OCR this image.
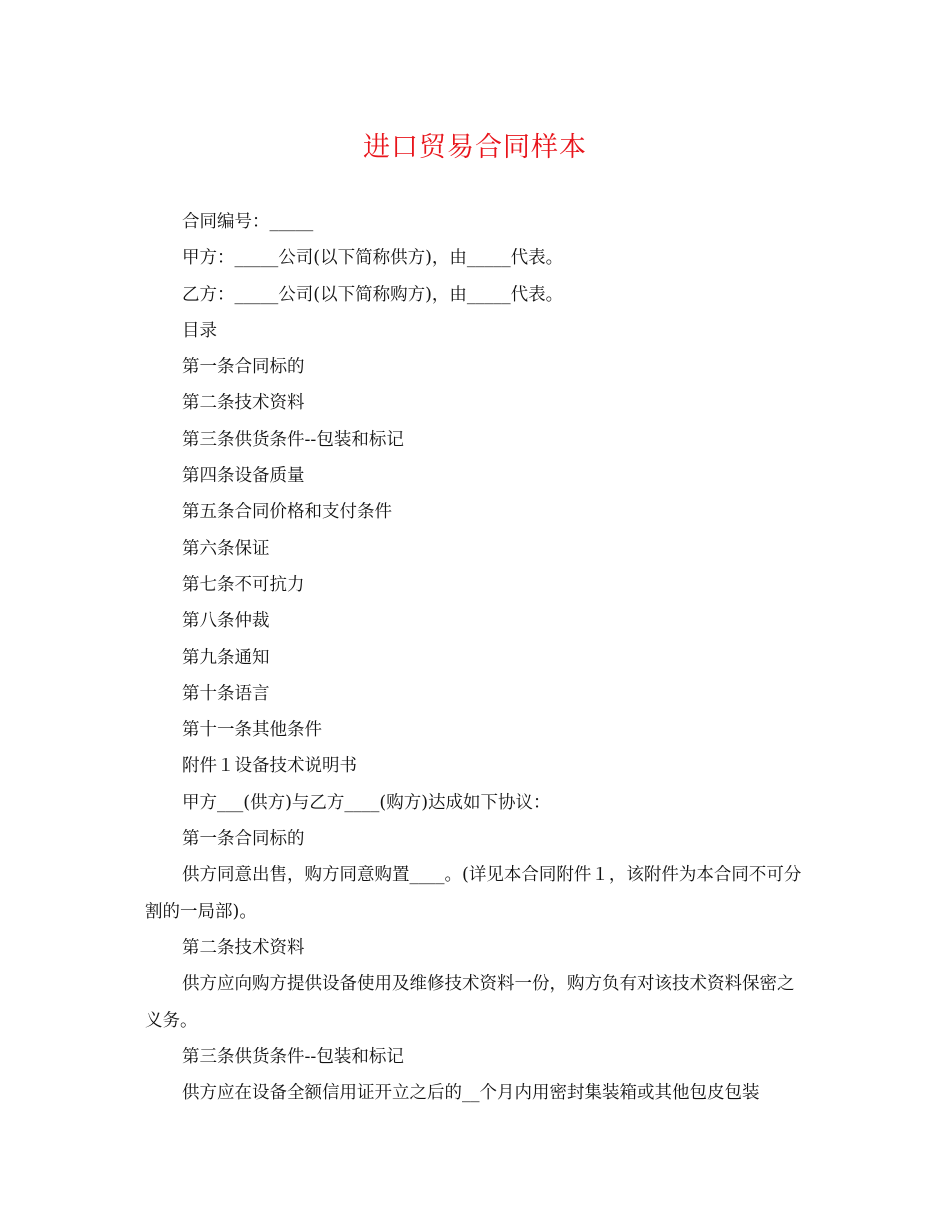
进口贸易合同样本
合同编号：_____
甲方：_____公司(以下简称供方)，由_____代表。
乙方：_____公司(以下简称购方)，由_____代表。
目录
第一条合同标的
第二条技术资料
第三条供货条件--包装和标记
第四条设备质量
第五条合同价格和支付条件
第六条保证
第七条不可抗力
第八条仲裁
第九条通知
第十条语言
第十一条其他条件
附件１设备技术说明书
甲方___(供方)与乙方____(购方)达成如下协议：
第一条合同标的
供方同意出售，购方同意购置____。(详见本合同附件１，该附件为本合同不可分割的一局部)。
第二条技术资料
供方应向购方提供设备使用及维修技术资料一份，购方负有对该技术资料保密之义务。
第三条供货条件--包装和标记
供方应在设备全额信用证开立之后的__个月内用密封集装箱或其他包皮包装
